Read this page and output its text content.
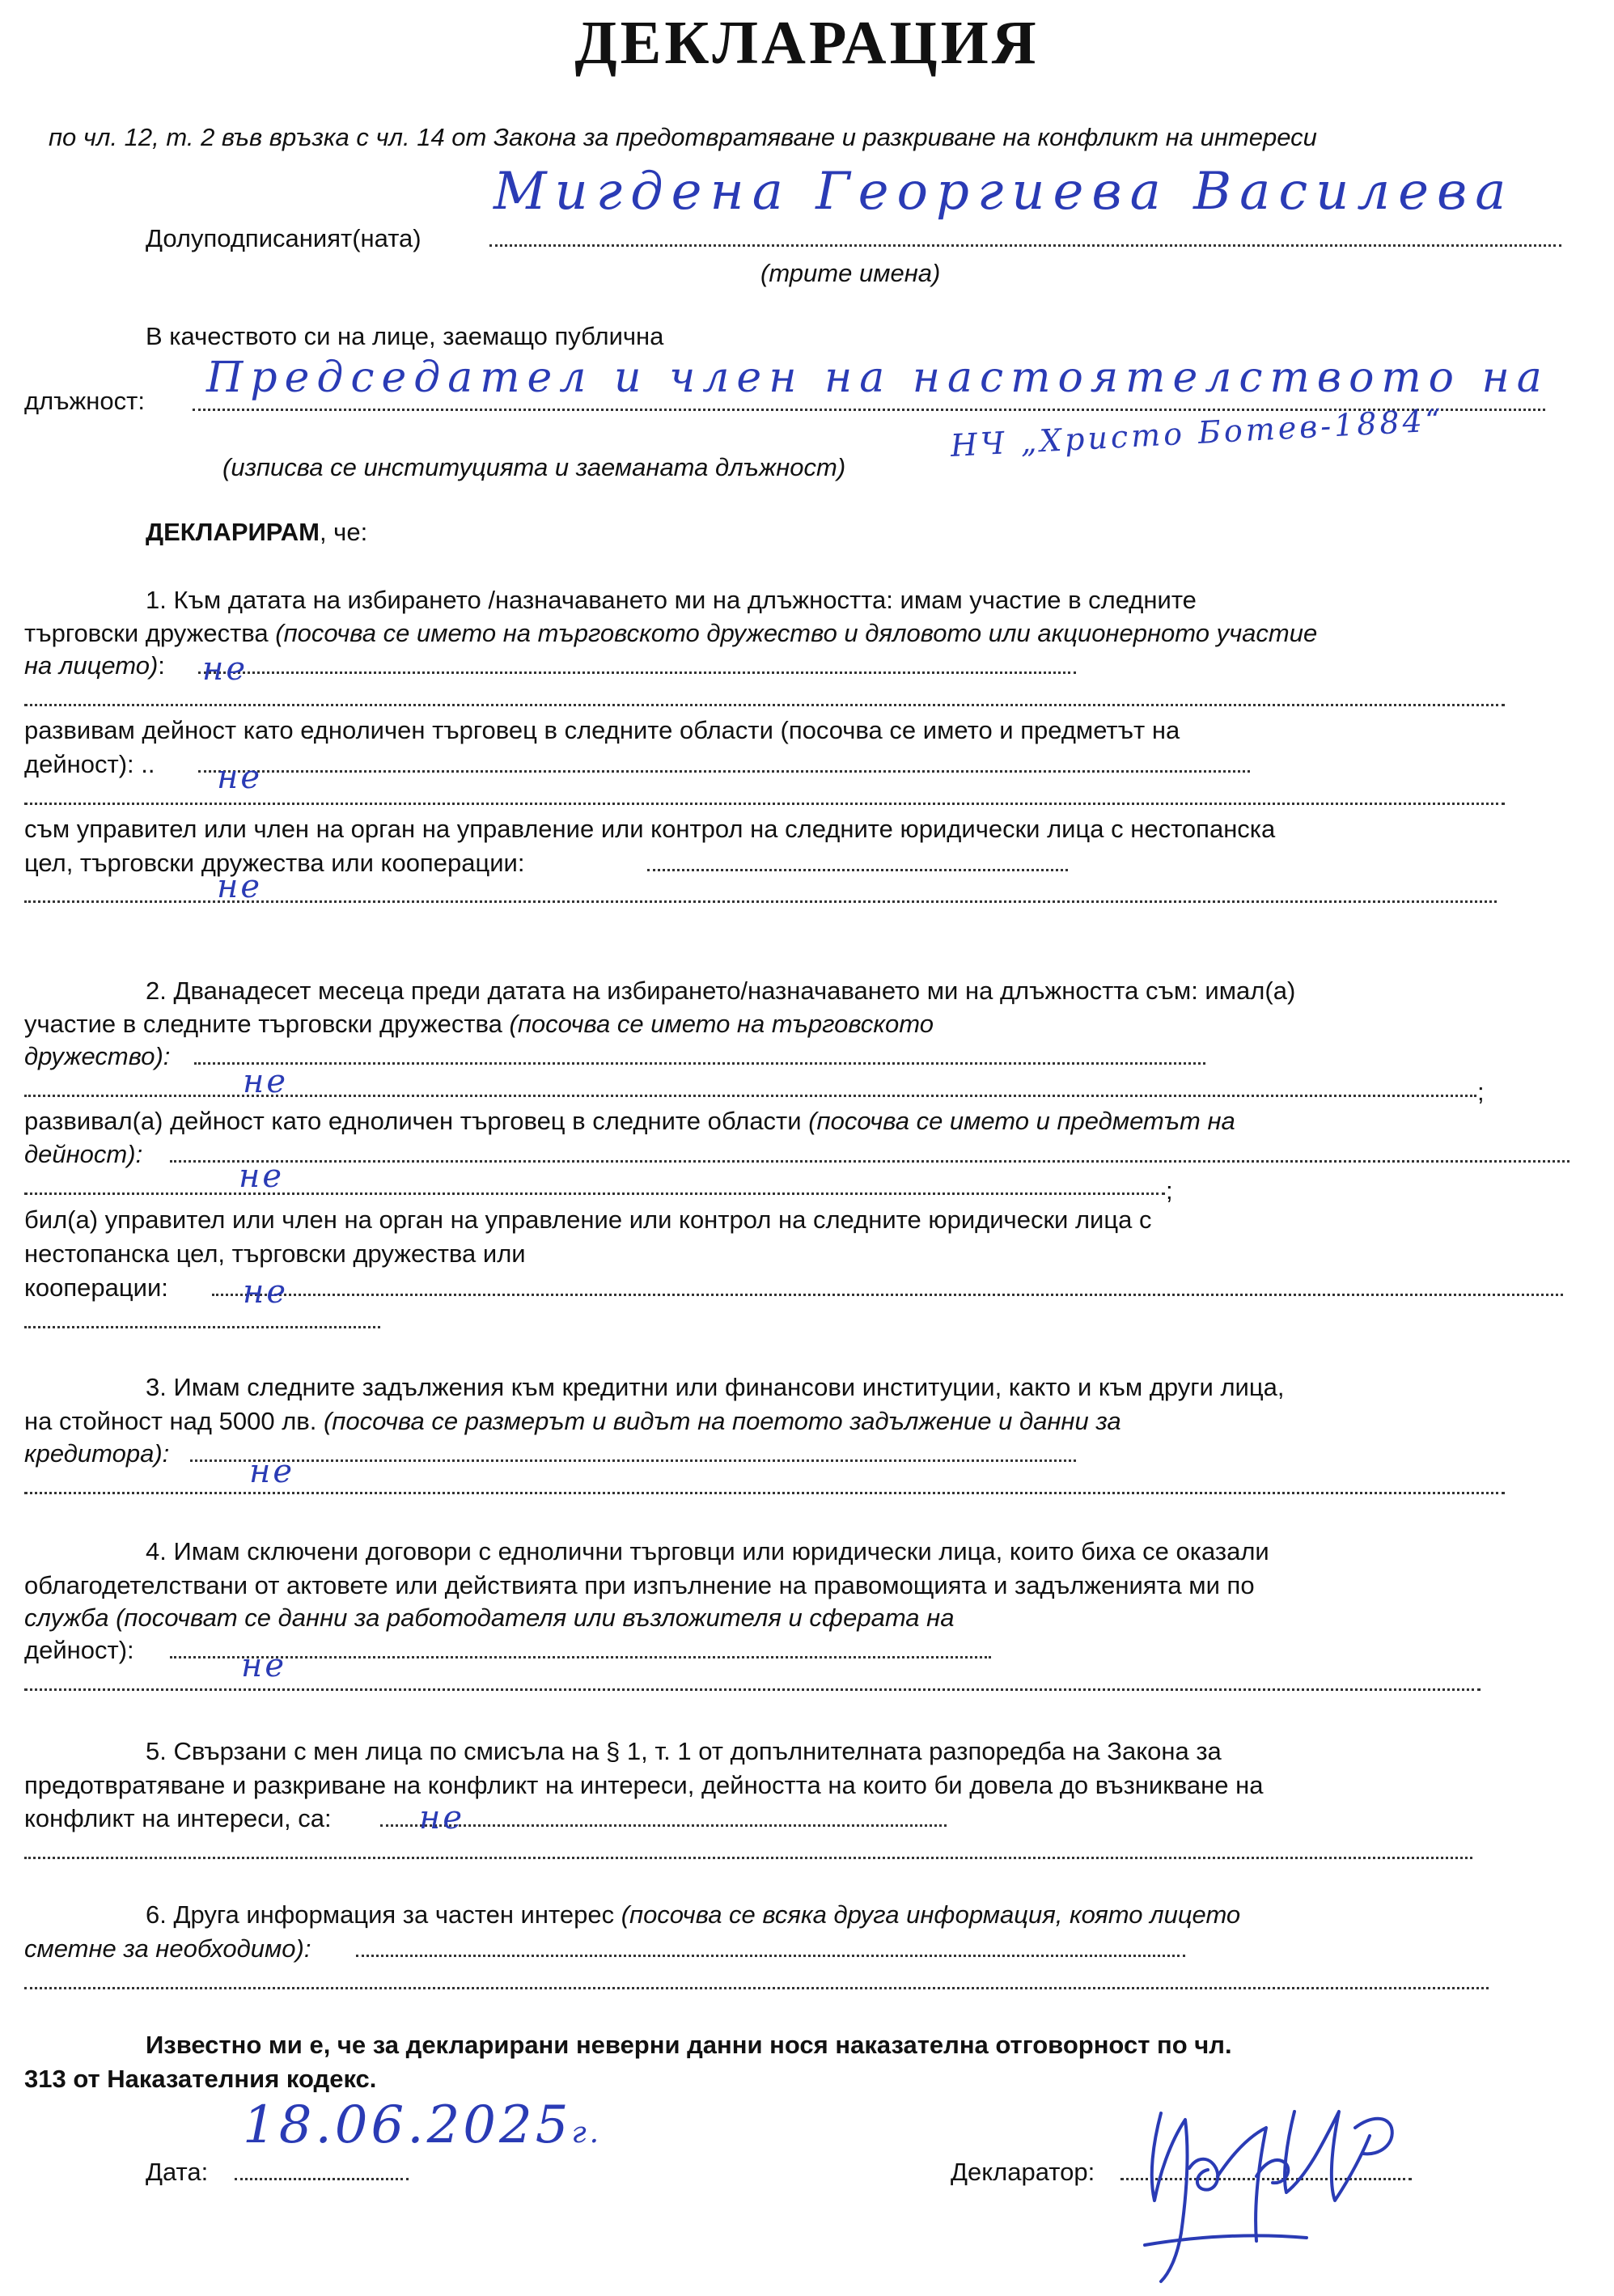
ДЕКЛАРАЦИЯ
по чл. 12, т. 2 във връзка с чл. 14 от Закона за предотвратяване и разкриване на конфликт на интереси
Долуподписаният(ната)
Мигдена Георгиева Василева
(трите имена)
В качеството си на лице, заемащо публична
длъжност: Председател и член на настоятелството на
(изписва се институцията и заеманата длъжност)
НЧ „Христо Ботев-1884“
ДЕКЛАРИРАМ, че:
1. Към датата на избирането /назначаването ми на длъжността: имам участие в следните
търговски дружества (посочва се името на търговското дружество и дяловото или акционерното участие
на лицето): не
развивам дейност като едноличен търговец в следните области (посочва се името и предметът на
дейност): .. не
съм управител или член на орган на управление или контрол на следните юридически лица с нестопанска
цел, търговски дружества или кооперации:
не
2. Дванадесет месеца преди датата на избирането/назначаването ми на длъжността съм: имал(а)
участие в следните търговски дружества (посочва се името на търговското
дружество):
не	;
развивал(а) дейност като едноличен търговец в следните области (посочва се името и предметът на
дейност):
не	;
бил(а) управител или член на орган на управление или контрол на следните юридически лица с
нестопанска цел, търговски дружества или
кооперации: не
3. Имам следните задължения към кредитни или финансови институции, както и към други лица,
на стойност над 5000 лв. (посочва се размерът и видът на поетото задължение и данни за
кредитора): не
4. Имам сключени договори с еднолични търговци или юридически лица, които биха се оказали
облагодетелствани от актовете или действията при изпълнение на правомощията и задълженията ми по
служба (посочват се данни за работодателя или възложителя и сферата на
дейност):	не
5. Свързани с мен лица по смисъла на § 1, т. 1 от допълнителната разпоредба на Закона за
предотвратяване и разкриване на конфликт на интереси, дейността на които би довела до възникване на
конфликт на интереси, са:	не
6. Друга информация за частен интерес (посочва се всяка друга информация, която лицето
сметне за необходимо):
Известно ми е, че за декларирани неверни данни нося наказателна отговорност по чл.
313 от Наказателния кодекс.
Дата:
18.06.2025г.
Декларатор:
